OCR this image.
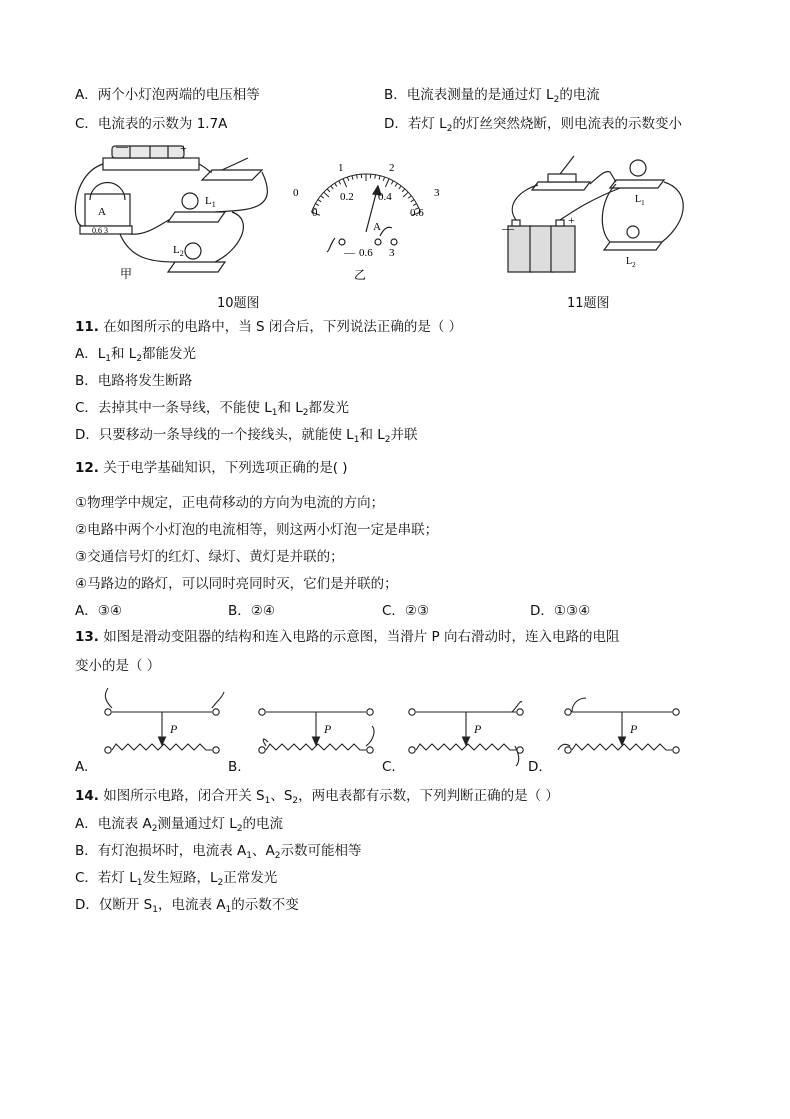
A．两个小灯泡两端的电压相等	B．电流表测量的是通过灯 $L_2$的电流
C．电流表的示数为 1.7A	D．若灯 $L_2$的灯丝突然烧断，则电流表的示数变小
A
0.6 3
—	+
$L_1$
$L_2$
甲
0
1	2
3
0
0.2 0.4
0.6
A
— 0.6 3
乙
$L_1$
$L_2$
—
+
10题图	11题图
11. 在如图所示的电路中，当 S 闭合后，下列说法正确的是（ ）
A．$L_1$和 $L_2$都能发光
B．电路将发生断路
C．去掉其中一条导线，不能使 $L_1$和 $L_2$都发光
D．只要移动一条导线的一个接线头，就能使 $L_1$和 $L_2$并联
12. 关于电学基础知识，下列选项正确的是( )
①物理学中规定，正电荷移动的方向为电流的方向；
②电路中两个小灯泡的电流相等，则这两小灯泡一定是串联；
③交通信号灯的红灯、绿灯、黄灯是并联的；
④马路边的路灯，可以同时亮同时灭，它们是并联的；
A．③④	B．②④	C．②③	D．①③④
13. 如图是滑动变阻器的结构和连入电路的示意图，当滑片 P 向右滑动时，连入电路的电阻
变小的是（ ）
P	P	P	P
A.	B.	C.	D.
14. 如图所示电路，闭合开关 $S_1$、$S_2$，两电表都有示数，下列判断正确的是（ ）
A．电流表 $A_2$测量通过灯 $L_2$的电流
B．有灯泡损坏时，电流表 $A_1$、$A_2$示数可能相等
C．若灯 $L_1$发生短路，$L_2$正常发光
D．仅断开 $S_1$，电流表 $A_1$的示数不变
